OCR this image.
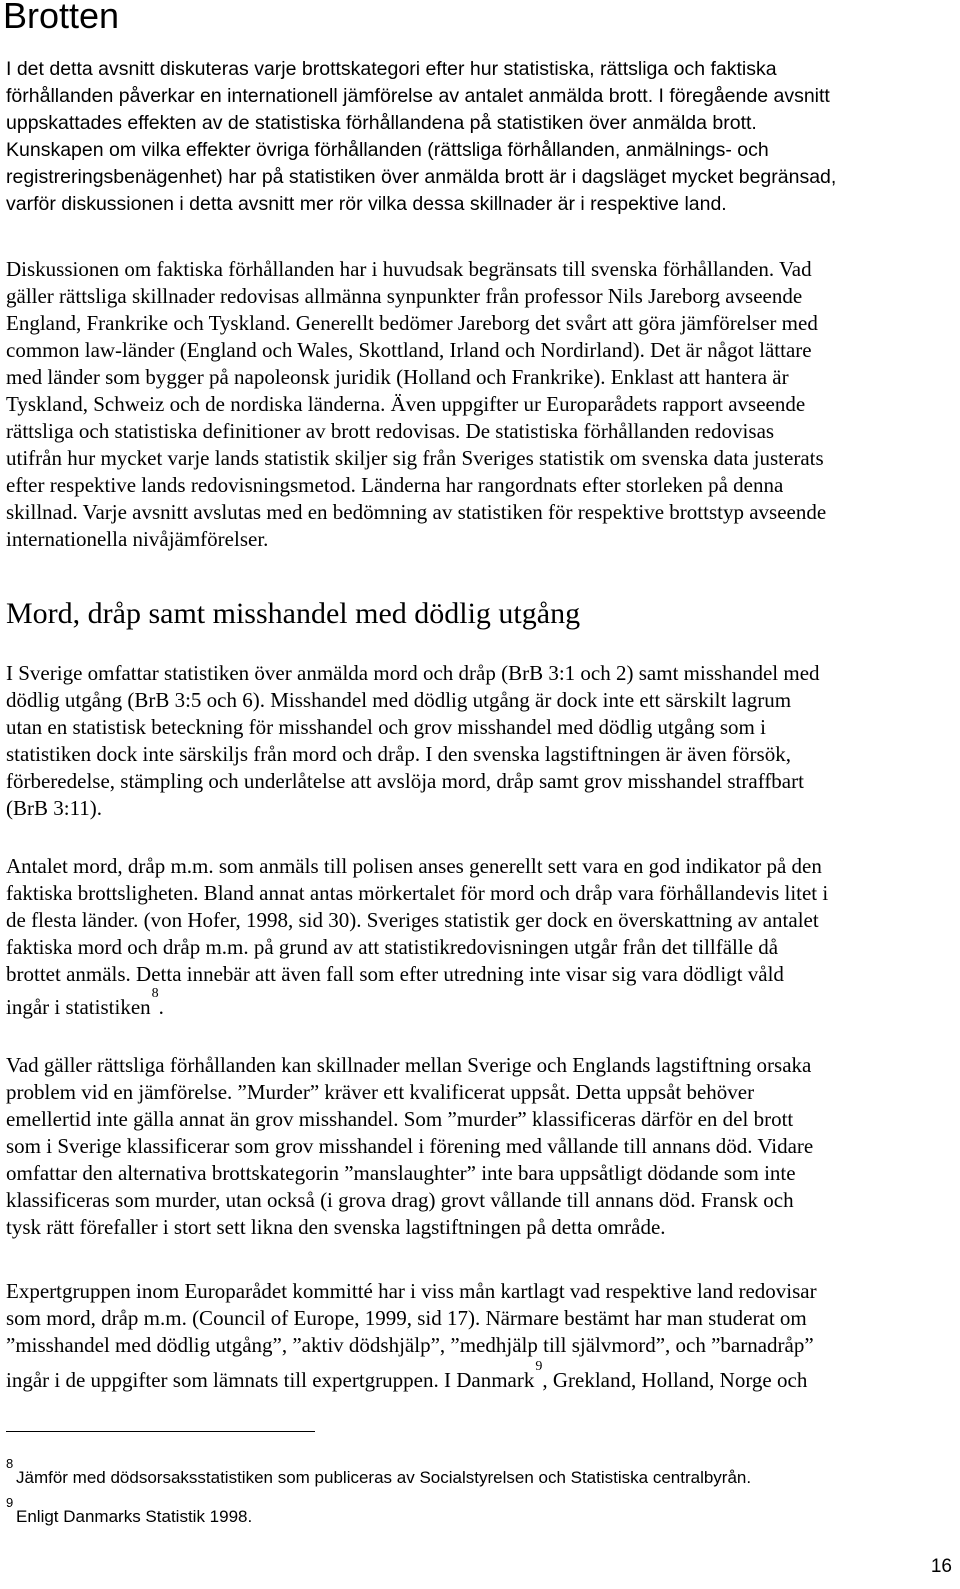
Brotten

I det detta avsnitt diskuteras varje brottskategori efter hur statistiska, rättsliga och faktiska
förhållanden påverkar en internationell jämförelse av antalet anmälda brott. I föregående avsnitt
uppskattades effekten av de statistiska förhållandena på statistiken över anmälda brott.
Kunskapen om vilka effekter övriga förhållanden (rättsliga förhållanden, anmälnings- och
registreringsbenägenhet) har på statistiken över anmälda brott är i dagsläget mycket begränsad,
varför diskussionen i detta avsnitt mer rör vilka dessa skillnader är i respektive land.

Diskussionen om faktiska förhållanden har i huvudsak begränsats till svenska förhållanden. Vad
gäller rättsliga skillnader redovisas allmänna synpunkter från professor Nils Jareborg avseende
England, Frankrike och Tyskland. Generellt bedömer Jareborg det svårt att göra jämförelser med
common law-länder (England och Wales, Skottland, Irland och Nordirland). Det är något lättare
med länder som bygger på napoleonsk juridik (Holland och Frankrike). Enklast att hantera är
Tyskland, Schweiz och de nordiska länderna. Även uppgifter ur Europarådets rapport avseende
rättsliga och statistiska definitioner av brott redovisas. De statistiska förhållanden redovisas
utifrån hur mycket varje lands statistik skiljer sig från Sveriges statistik om svenska data justerats
efter respektive lands redovisningsmetod. Länderna har rangordnats efter storleken på denna
skillnad. Varje avsnitt avslutas med en bedömning av statistiken för respektive brottstyp avseende
internationella nivåjämförelser.

Mord, dråp samt misshandel med dödlig utgång

I Sverige omfattar statistiken över anmälda mord och dråp (BrB 3:1 och 2) samt misshandel med
dödlig utgång (BrB 3:5 och 6). Misshandel med dödlig utgång är dock inte ett särskilt lagrum
utan en statistisk beteckning för misshandel och grov misshandel med dödlig utgång som i
statistiken dock inte särskiljs från mord och dråp. I den svenska lagstiftningen är även försök,
förberedelse, stämpling och underlåtelse att avslöja mord, dråp samt grov misshandel straffbart
(BrB 3:11).

Antalet mord, dråp m.m. som anmäls till polisen anses generellt sett vara en god indikator på den
faktiska brottsligheten. Bland annat antas mörkertalet för mord och dråp vara förhållandevis litet i
de flesta länder. (von Hofer, 1998, sid 30). Sveriges statistik ger dock en överskattning av antalet
faktiska mord och dråp m.m. på grund av att statistikredovisningen utgår från det tillfälle då
brottet anmäls. Detta innebär att även fall som efter utredning inte visar sig vara dödligt våld
ingår i statistiken$^8$.

Vad gäller rättsliga förhållanden kan skillnader mellan Sverige och Englands lagstiftning orsaka
problem vid en jämförelse. ”Murder” kräver ett kvalificerat uppsåt. Detta uppsåt behöver
emellertid inte gälla annat än grov misshandel. Som ”murder” klassificeras därför en del brott
som i Sverige klassificerar som grov misshandel i förening med vållande till annans död. Vidare
omfattar den alternativa brottskategorin ”manslaughter” inte bara uppsåtligt dödande som inte
klassificeras som murder, utan också (i grova drag) grovt vållande till annans död. Fransk och
tysk rätt förefaller i stort sett likna den svenska lagstiftningen på detta område.

Expertgruppen inom Europarådet kommitté har i viss mån kartlagt vad respektive land redovisar
som mord, dråp m.m. (Council of Europe, 1999, sid 17). Närmare bestämt har man studerat om
”misshandel med dödlig utgång”, ”aktiv dödshjälp”, ”medhjälp till självmord”, och ”barnadråp”
ingår i de uppgifter som lämnats till expertgruppen. I Danmark$^9$, Grekland, Holland, Norge och

8
Jämför med dödsorsaksstatistiken som publiceras av Socialstyrelsen och Statistiska centralbyrån.
9
Enligt Danmarks Statistik 1998.
16
